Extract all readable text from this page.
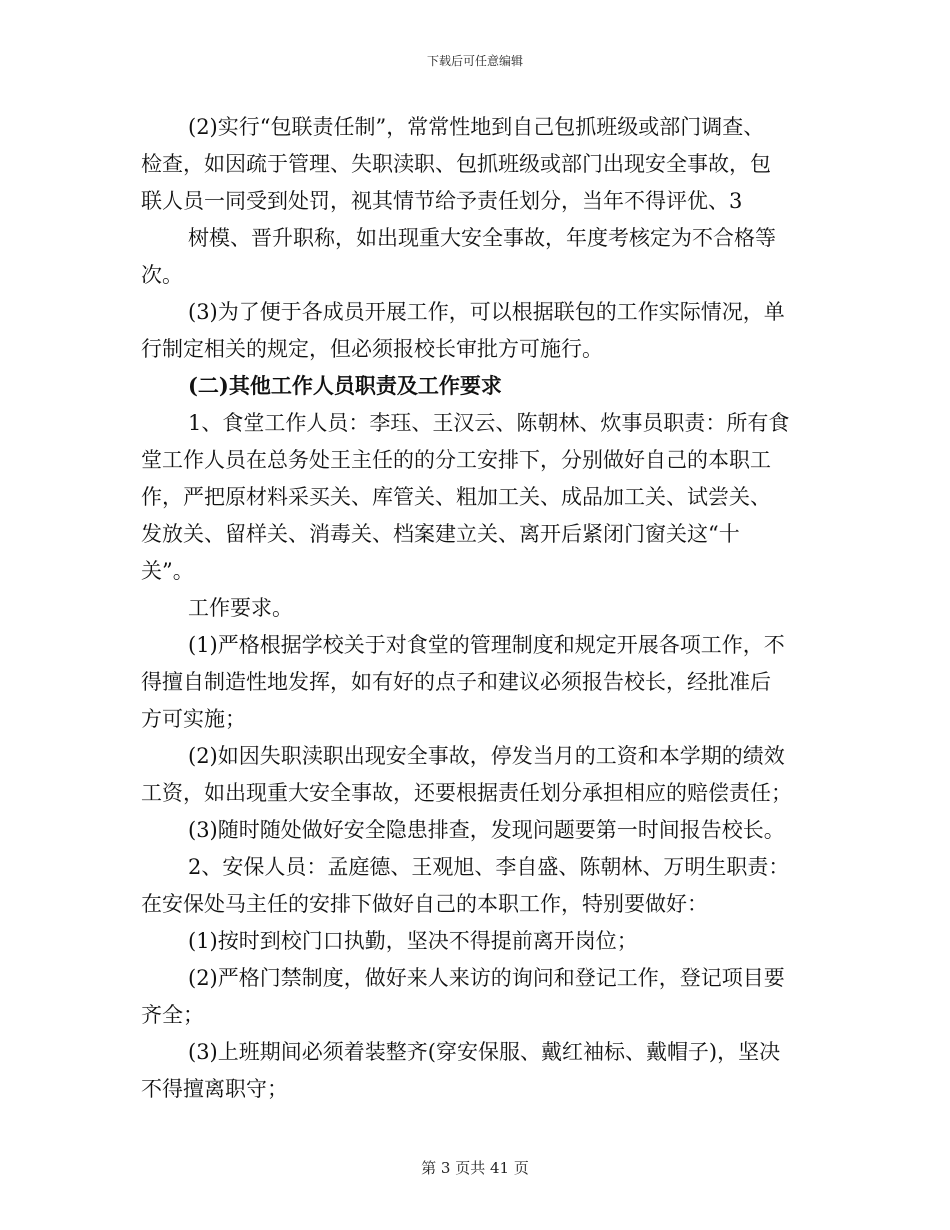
下载后可任意编辑
(2)实行“包联责任制”，常常性地到自己包抓班级或部门调查、
检查，如因疏于管理、失职渎职、包抓班级或部门出现安全事故，包
联人员一同受到处罚，视其情节给予责任划分，当年不得评优、3
树模、晋升职称，如出现重大安全事故，年度考核定为不合格等
次。
(3)为了便于各成员开展工作，可以根据联包的工作实际情况，单
行制定相关的规定，但必须报校长审批方可施行。
(二)其他工作人员职责及工作要求
1、食堂工作人员：李珏、王汉云、陈朝林、炊事员职责：所有食
堂工作人员在总务处王主任的的分工安排下，分别做好自己的本职工
作，严把原材料采买关、库管关、粗加工关、成品加工关、试尝关、
发放关、留样关、消毒关、档案建立关、离开后紧闭门窗关这“十
关”。
工作要求。
(1)严格根据学校关于对食堂的管理制度和规定开展各项工作，不
得擅自制造性地发挥，如有好的点子和建议必须报告校长，经批准后
方可实施；
(2)如因失职渎职出现安全事故，停发当月的工资和本学期的绩效
工资，如出现重大安全事故，还要根据责任划分承担相应的赔偿责任；
(3)随时随处做好安全隐患排查，发现问题要第一时间报告校长。
2、安保人员：孟庭德、王观旭、李自盛、陈朝林、万明生职责：
在安保处马主任的安排下做好自己的本职工作，特别要做好：
(1)按时到校门口执勤，坚决不得提前离开岗位；
(2)严格门禁制度，做好来人来访的询问和登记工作，登记项目要
齐全；
(3)上班期间必须着装整齐(穿安保服、戴红袖标、戴帽子)，坚决
不得擅离职守；
第 3 页共 41 页
